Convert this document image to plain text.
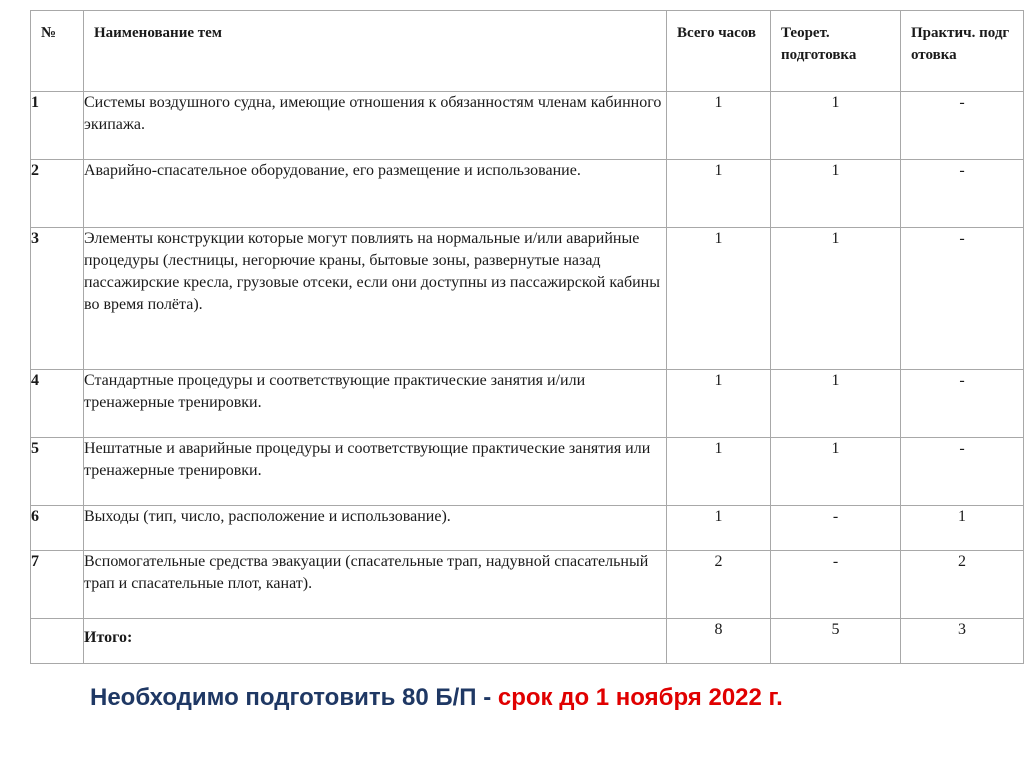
№	Наименование тем	Всего часов	Теорет. подготовка	Практич. подготовка
1	Системы воздушного судна, имеющие отношения к обязанностям членам кабинного экипажа.	1	1	-
2	Аварийно-спасательное оборудование, его размещение и использование.	1	1	-
3	Элементы конструкции которые могут повлиять на нормальные и/или аварийные процедуры (лестницы, негорючие краны, бытовые зоны, развернутые назад пассажирские кресла, грузовые отсеки, если они доступны из пассажирской кабины во время полёта).	1	1	-
4	Стандартные процедуры и соответствующие практические занятия и/или тренажерные тренировки.	1	1	-
5	Нештатные и аварийные процедуры и соответствующие практические занятия или тренажерные тренировки.	1	1	-
6	Выходы (тип, число, расположение и использование).	1	-	1
7	Вспомогательные средства эвакуации (спасательные трап, надувной спасательный трап и спасательные плот, канат).	2	-	2
	Итого:	8	5	3
Необходимо подготовить 80 Б/П - срок до 1 ноября 2022 г.
